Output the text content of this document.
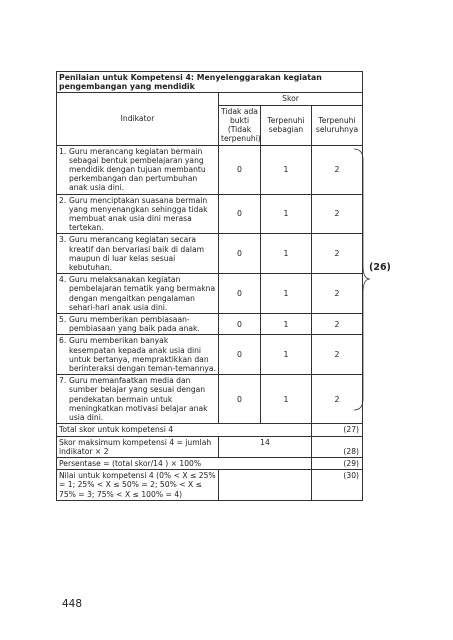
Penilaian untuk Kompetensi 4: Menyelenggarakan kegiatan pengembangan yang mendidik			
Indikator	Skor		
	Tidak ada bukti (Tidak terpenuhi)	Terpenuhi sebagian	Terpenuhi seluruhnya

1. Guru merancang kegiatan bermain sebagai bentuk pembelajaran yang mendidik dengan tujuan membantu perkembangan dan pertumbuhan anak usia dini.	0	1	2

2. Guru menciptakan suasana bermain yang menyenangkan sehingga tidak membuat anak usia dini merasa tertekan.	0	1	2

3. Guru merancang kegiatan secara kreatif dan bervariasi baik di dalam maupun di luar kelas sesuai kebutuhan.	0	1	2

4. Guru melaksanakan kegiatan pembelajaran tematik yang bermakna dengan mengaitkan pengalaman sehari-hari anak usia dini.	0	1	2

5. Guru memberikan pembiasaan-pembiasaan yang baik pada anak.	0	1	2

6. Guru memberikan banyak kesempatan kepada anak usia dini untuk bertanya, mempraktikkan dan berinteraksi dengan teman-temannya.	0	1	2

7. Guru memanfaatkan media dan sumber belajar yang sesuai dengan pendekatan bermain untuk meningkatkan motivasi belajar anak usia dini.	0	1	2
Total skor untuk kompetensi 4			(27)
Skor maksimum kompetensi 4 = jumlah indikator × 2	14		(28)
Persentase = (total skor/14 ) × 100%			(29)
Nilai untuk kompetensi 4 (0% < X ≤ 25% = 1; 25% < X ≤ 50% = 2; 50% < X ≤ 75% = 3; 75% < X ≤ 100% = 4)			(30)
(26)
448
